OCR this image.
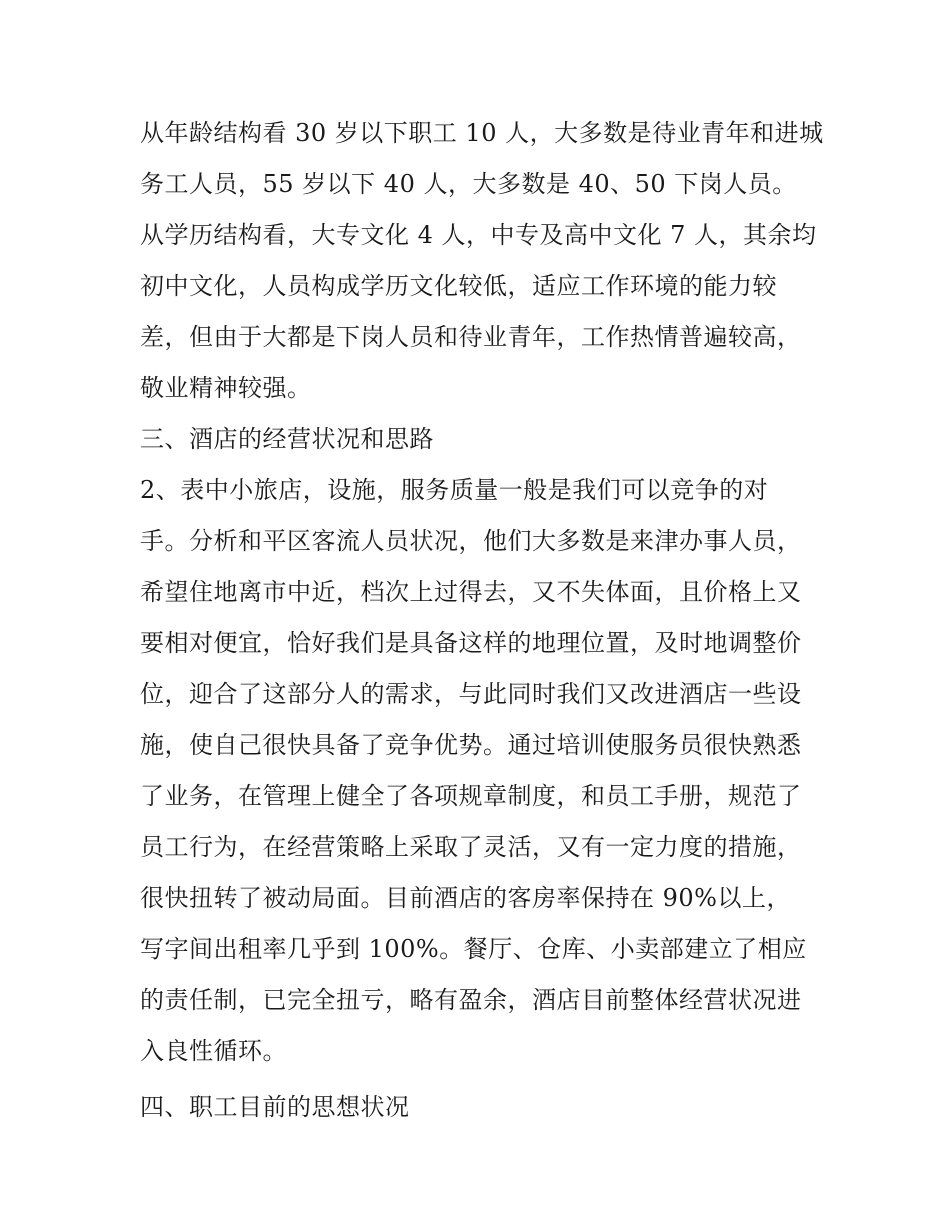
从年龄结构看 30 岁以下职工 10 人，大多数是待业青年和进城
务工人员，55 岁以下 40 人，大多数是 40、50 下岗人员。
从学历结构看，大专文化 4 人，中专及高中文化 7 人，其余均
初中文化，人员构成学历文化较低，适应工作环境的能力较
差，但由于大都是下岗人员和待业青年，工作热情普遍较高，
敬业精神较强。
三、酒店的经营状况和思路
2、表中小旅店，设施，服务质量一般是我们可以竞争的对
手。分析和平区客流人员状况，他们大多数是来津办事人员，
希望住地离市中近，档次上过得去，又不失体面，且价格上又
要相对便宜，恰好我们是具备这样的地理位置，及时地调整价
位，迎合了这部分人的需求，与此同时我们又改进酒店一些设
施，使自己很快具备了竞争优势。通过培训使服务员很快熟悉
了业务，在管理上健全了各项规章制度，和员工手册，规范了
员工行为，在经营策略上采取了灵活，又有一定力度的措施，
很快扭转了被动局面。目前酒店的客房率保持在 90%以上，
写字间出租率几乎到 100%。餐厅、仓库、小卖部建立了相应
的责任制，已完全扭亏，略有盈余，酒店目前整体经营状况进
入良性循环。
四、职工目前的思想状况
